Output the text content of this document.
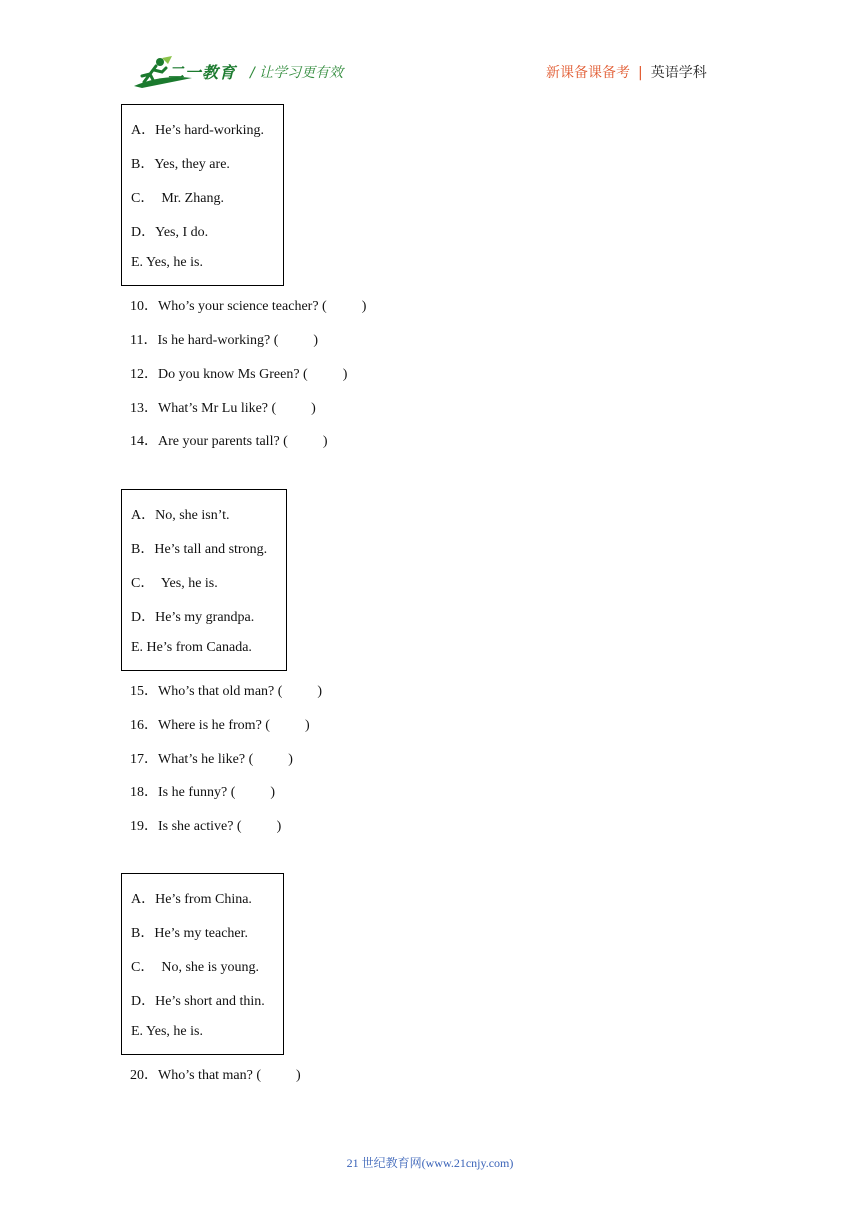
二一教育 / 让学习更有效	新课备课备考 | 英语学科
A．He’s hard-working.
B．Yes, they are.
C．  Mr. Zhang.
D．Yes, I do.
E. Yes, he is.
10．Who’s your science teacher? (          )
11．Is he hard-working? (          )
12．Do you know Ms Green? (          )
13．What’s Mr Lu like? (          )
14．Are your parents tall? (          )
A．No, she isn’t.
B．He’s tall and strong.
C．  Yes, he is.
D．He’s my grandpa.
E. He’s from Canada.
15．Who’s that old man? (          )
16．Where is he from? (          )
17．What’s he like? (          )
18．Is he funny? (          )
19．Is she active? (          )
A．He’s from China.
B．He’s my teacher.
C．  No, she is young.
D．He’s short and thin.
E. Yes, he is.
20．Who’s that man? (          )
21 世纪教育网(www.21cnjy.com)
